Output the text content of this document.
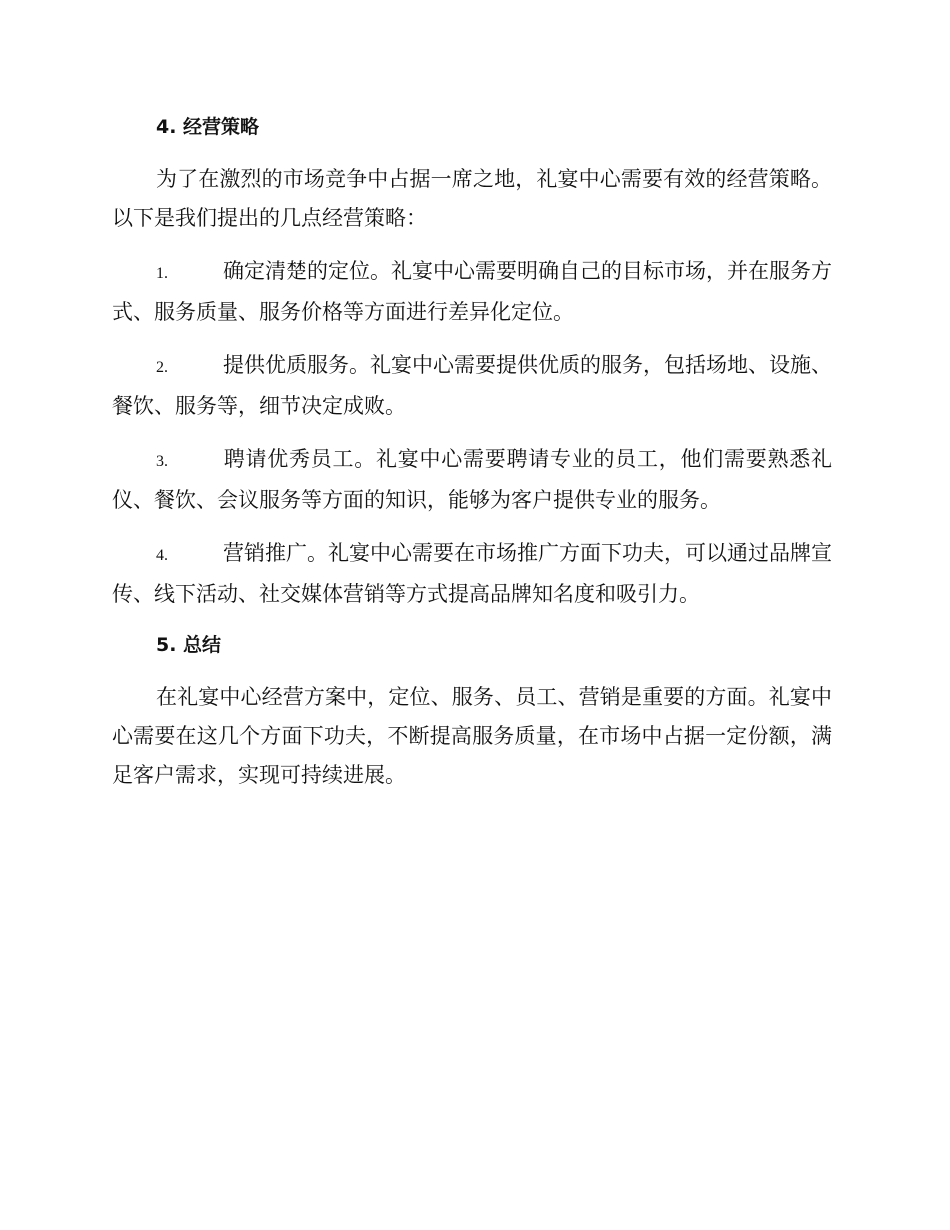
4. 经营策略

为了在激烈的市场竞争中占据一席之地，礼宴中心需要有效的经营策略。以下是我们提出的几点经营策略：

1.	确定清楚的定位。礼宴中心需要明确自己的目标市场，并在服务方式、服务质量、服务价格等方面进行差异化定位。

2.	提供优质服务。礼宴中心需要提供优质的服务，包括场地、设施、餐饮、服务等，细节决定成败。

3.	聘请优秀员工。礼宴中心需要聘请专业的员工，他们需要熟悉礼仪、餐饮、会议服务等方面的知识，能够为客户提供专业的服务。

4.	营销推广。礼宴中心需要在市场推广方面下功夫，可以通过品牌宣传、线下活动、社交媒体营销等方式提高品牌知名度和吸引力。

5. 总结

在礼宴中心经营方案中，定位、服务、员工、营销是重要的方面。礼宴中心需要在这几个方面下功夫，不断提高服务质量，在市场中占据一定份额，满足客户需求，实现可持续进展。
